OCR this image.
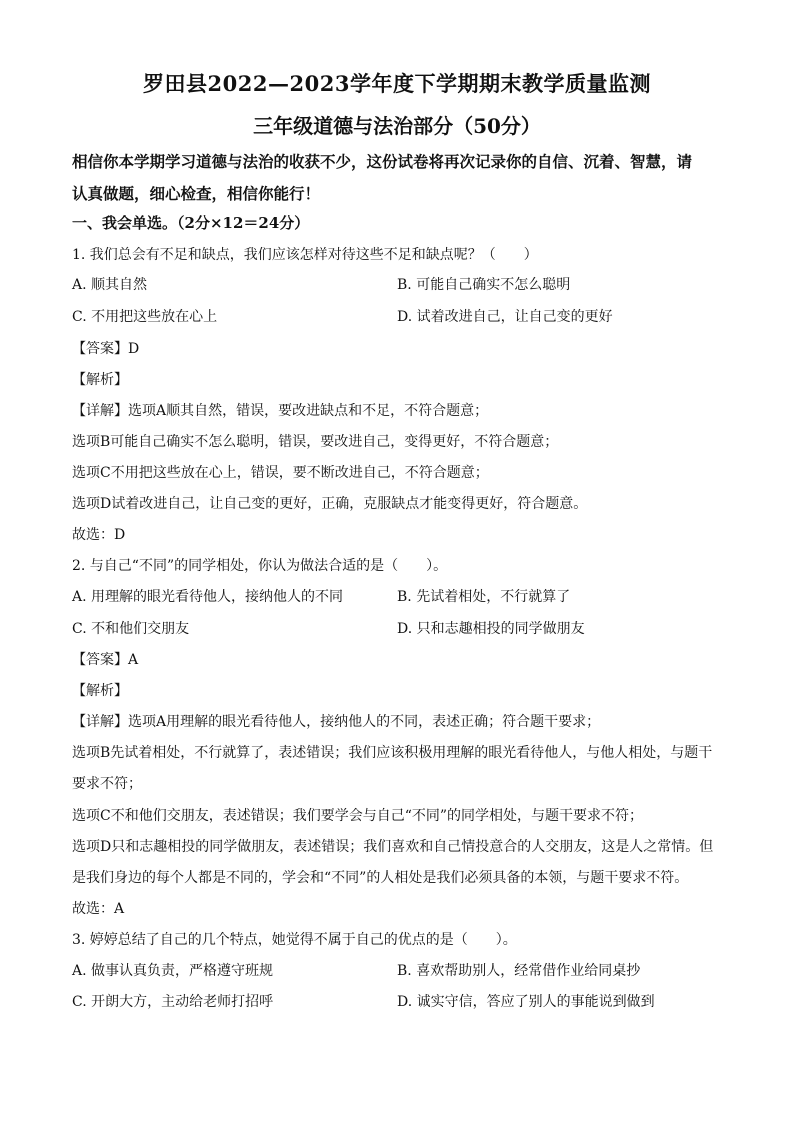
罗田县2022—2023学年度下学期期末教学质量监测
三年级道德与法治部分（50分）
相信你本学期学习道德与法治的收获不少，这份试卷将再次记录你的自信、沉着、智慧，请
认真做题，细心检查，相信你能行！
一、我会单选。（2分×12＝24分）
1. 我们总会有不足和缺点，我们应该怎样对待这些不足和缺点呢？（　　）
A. 顺其自然	B. 可能自己确实不怎么聪明
C. 不用把这些放在心上	D. 试着改进自己，让自己变的更好
【答案】D
【解析】
【详解】选项A顺其自然，错误，要改进缺点和不足，不符合题意；
选项B可能自己确实不怎么聪明，错误，要改进自己，变得更好，不符合题意；
选项C不用把这些放在心上，错误，要不断改进自己，不符合题意；
选项D试着改进自己，让自己变的更好，正确，克服缺点才能变得更好，符合题意。
故选：D
2. 与自己“不同”的同学相处，你认为做法合适的是（　　）。
A. 用理解的眼光看待他人，接纳他人的不同	B. 先试着相处，不行就算了
C. 不和他们交朋友	D. 只和志趣相投的同学做朋友
【答案】A
【解析】
【详解】选项A用理解的眼光看待他人，接纳他人的不同，表述正确；符合题干要求；
选项B先试着相处，不行就算了，表述错误；我们应该积极用理解的眼光看待他人，与他人相处，与题干
要求不符；
选项C不和他们交朋友，表述错误；我们要学会与自己“不同”的同学相处，与题干要求不符；
选项D只和志趣相投的同学做朋友，表述错误；我们喜欢和自己情投意合的人交朋友，这是人之常情。但
是我们身边的每个人都是不同的，学会和“不同”的人相处是我们必须具备的本领，与题干要求不符。
故选：A
3. 婷婷总结了自己的几个特点，她觉得不属于自己的优点的是（　　）。
A. 做事认真负责，严格遵守班规	B. 喜欢帮助别人，经常借作业给同桌抄
C. 开朗大方，主动给老师打招呼	D. 诚实守信，答应了别人的事能说到做到
